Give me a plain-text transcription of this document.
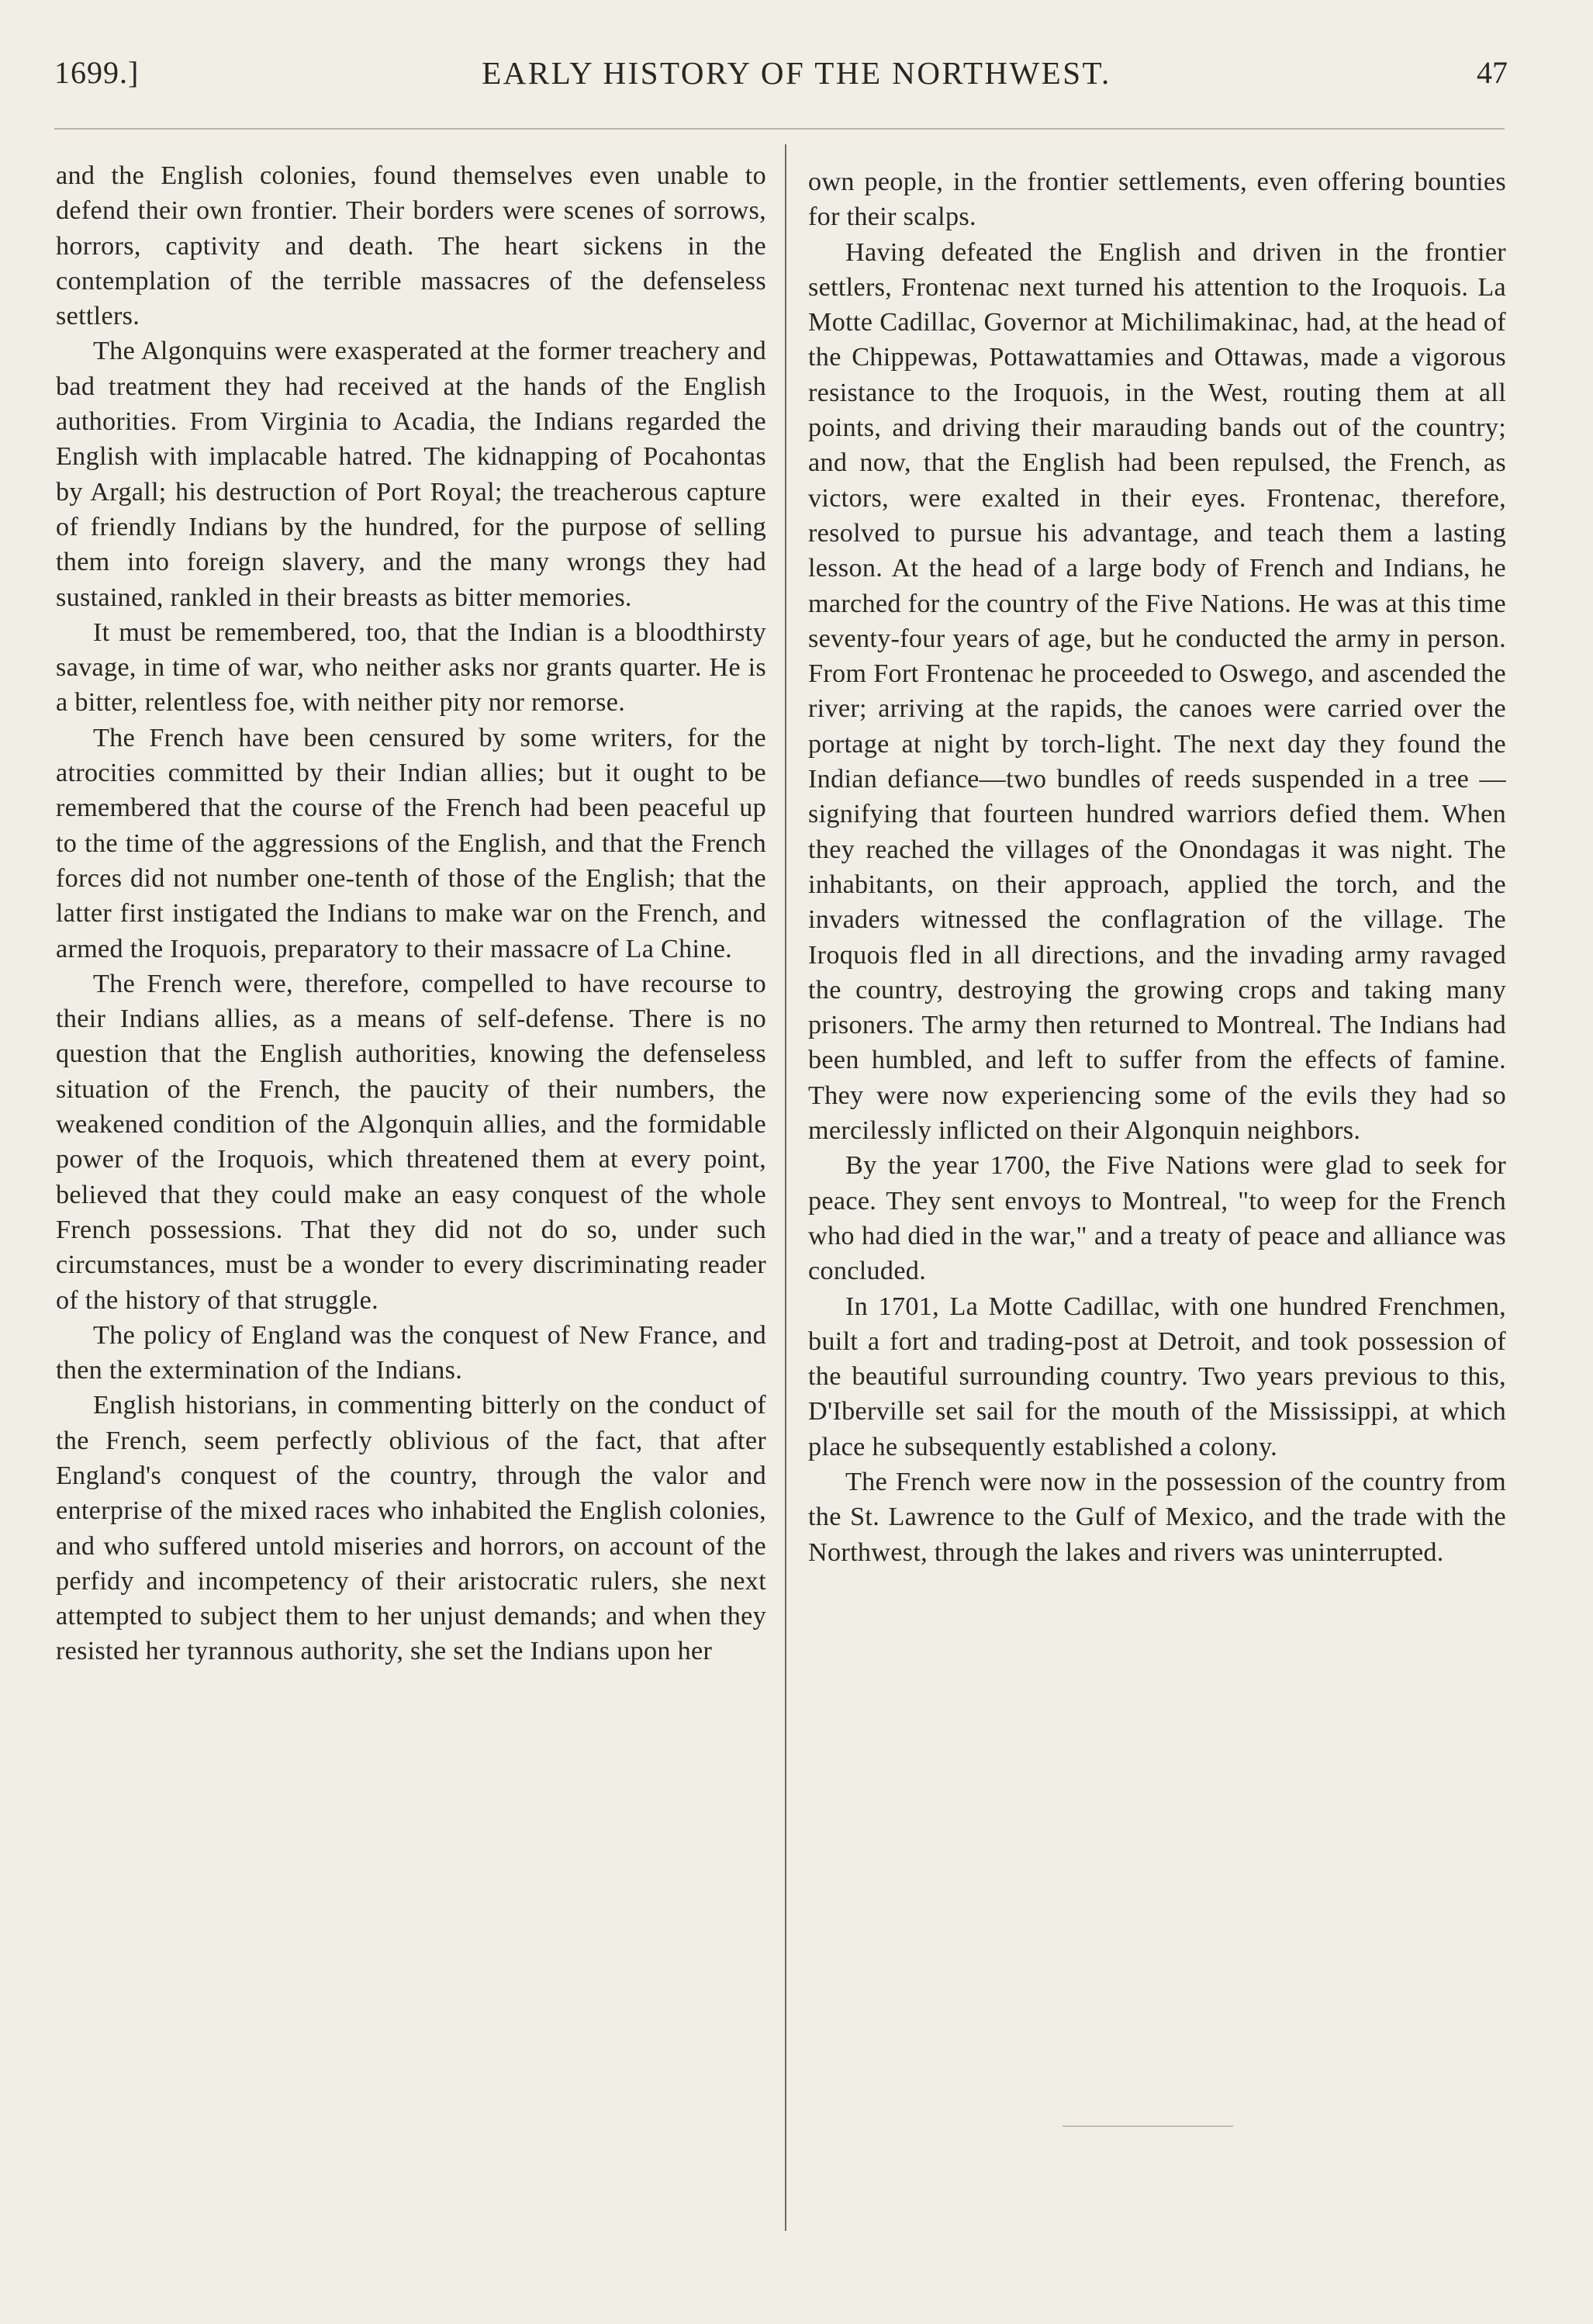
1699.]	EARLY HISTORY OF THE NORTHWEST.	47

and the English colonies, found themselves even unable to defend their own frontier. Their borders were scenes of sorrows, horrors, captivity and death. The heart sickens in the contemplation of the terrible massacres of the defenseless settlers.

The Algonquins were exasperated at the former treachery and bad treatment they had received at the hands of the English authorities. From Virginia to Acadia, the Indians regarded the English with implacable hatred. The kidnapping of Pocahontas by Argall; his destruction of Port Royal; the treacherous capture of friendly Indians by the hundred, for the purpose of selling them into foreign slavery, and the many wrongs they had sustained, rankled in their breasts as bitter memories.

It must be remembered, too, that the Indian is a bloodthirsty savage, in time of war, who neither asks nor grants quarter. He is a bitter, relentless foe, with neither pity nor remorse.

The French have been censured by some writers, for the atrocities committed by their Indian allies; but it ought to be remembered that the course of the French had been peaceful up to the time of the aggressions of the English, and that the French forces did not number one-tenth of those of the English; that the latter first instigated the Indians to make war on the French, and armed the Iroquois, preparatory to their massacre of La Chine.

The French were, therefore, compelled to have recourse to their Indians allies, as a means of self-defense. There is no question that the English authorities, knowing the defenseless situation of the French, the paucity of their numbers, the weakened condition of the Algonquin allies, and the formidable power of the Iroquois, which threatened them at every point, believed that they could make an easy conquest of the whole French possessions. That they did not do so, under such circumstances, must be a wonder to every discriminating reader of the history of that struggle.

The policy of England was the conquest of New France, and then the extermination of the Indians.

English historians, in commenting bitterly on the conduct of the French, seem perfectly oblivious of the fact, that after England's conquest of the country, through the valor and enterprise of the mixed races who inhabited the English colonies, and who suffered untold miseries and horrors, on account of the perfidy and incompetency of their aristocratic rulers, she next attempted to subject them to her unjust demands; and when they resisted her tyrannous authority, she set the Indians upon her

own people, in the frontier settlements, even offering bounties for their scalps.

Having defeated the English and driven in the frontier settlers, Frontenac next turned his attention to the Iroquois. La Motte Cadillac, Governor at Michilimakinac, had, at the head of the Chippewas, Pottawattamies and Ottawas, made a vigorous resistance to the Iroquois, in the West, routing them at all points, and driving their marauding bands out of the country; and now, that the English had been repulsed, the French, as victors, were exalted in their eyes. Frontenac, therefore, resolved to pursue his advantage, and teach them a lasting lesson. At the head of a large body of French and Indians, he marched for the country of the Five Nations. He was at this time seventy-four years of age, but he conducted the army in person. From Fort Frontenac he proceeded to Oswego, and ascended the river; arriving at the rapids, the canoes were carried over the portage at night by torch-light. The next day they found the Indian defiance—two bundles of reeds suspended in a tree — signifying that fourteen hundred warriors defied them. When they reached the villages of the Onondagas it was night. The inhabitants, on their approach, applied the torch, and the invaders witnessed the conflagration of the village. The Iroquois fled in all directions, and the invading army ravaged the country, destroying the growing crops and taking many prisoners. The army then returned to Montreal. The Indians had been humbled, and left to suffer from the effects of famine. They were now experiencing some of the evils they had so mercilessly inflicted on their Algonquin neighbors.

By the year 1700, the Five Nations were glad to seek for peace. They sent envoys to Montreal, "to weep for the French who had died in the war," and a treaty of peace and alliance was concluded.

In 1701, La Motte Cadillac, with one hundred Frenchmen, built a fort and trading-post at Detroit, and took possession of the beautiful surrounding country. Two years previous to this, D'Iberville set sail for the mouth of the Mississippi, at which place he subsequently established a colony.

The French were now in the possession of the country from the St. Lawrence to the Gulf of Mexico, and the trade with the Northwest, through the lakes and rivers was uninterrupted.
